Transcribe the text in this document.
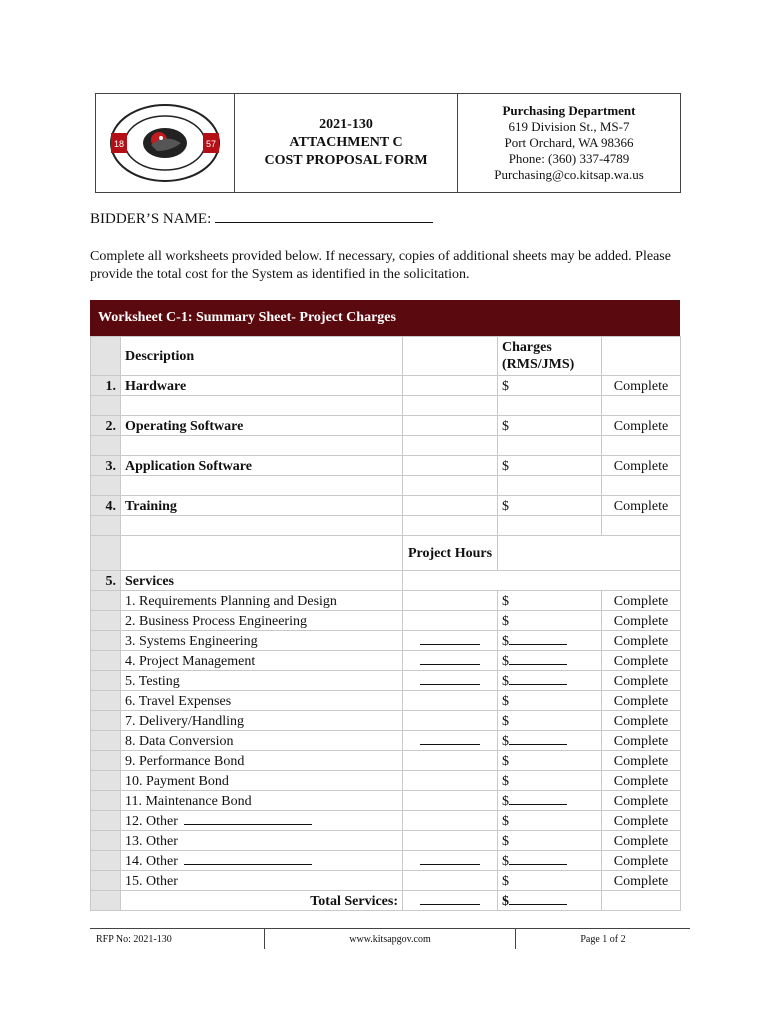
18	57
2021-130
ATTACHMENT C
COST PROPOSAL FORM
Purchasing Department
619 Division St., MS-7
Port Orchard, WA 98366
Phone: (360) 337-4789
Purchasing@co.kitsap.wa.us
BIDDER’S NAME:
Complete all worksheets provided below. If necessary, copies of additional sheets may be added. Please provide the total cost for the System as identified in the solicitation.
Worksheet C-1: Summary Sheet- Project Charges
	Description		Charges (RMS/JMS)	
1.	Hardware		$	Complete

2.	Operating Software		$	Complete

3.	Application Software		$	Complete

4.	Training		$	Complete

		Project Hours		
5.	Services			
	1. Requirements Planning and Design		$	Complete
	2. Business Process Engineering		$	Complete
	3. Systems Engineering		$	Complete
	4. Project Management		$	Complete
	5. Testing		$	Complete
	6. Travel Expenses		$	Complete
	7. Delivery/Handling		$	Complete
	8. Data Conversion		$	Complete
	9. Performance Bond		$	Complete
	10. Payment Bond		$	Complete
	11. Maintenance Bond		$	Complete
	12. Other		$	Complete
	13. Other		$	Complete
	14. Other		$	Complete
	15. Other		$	Complete
	Total Services:		$	
RFP No: 2021-130	www.kitsapgov.com	Page 1 of 2
